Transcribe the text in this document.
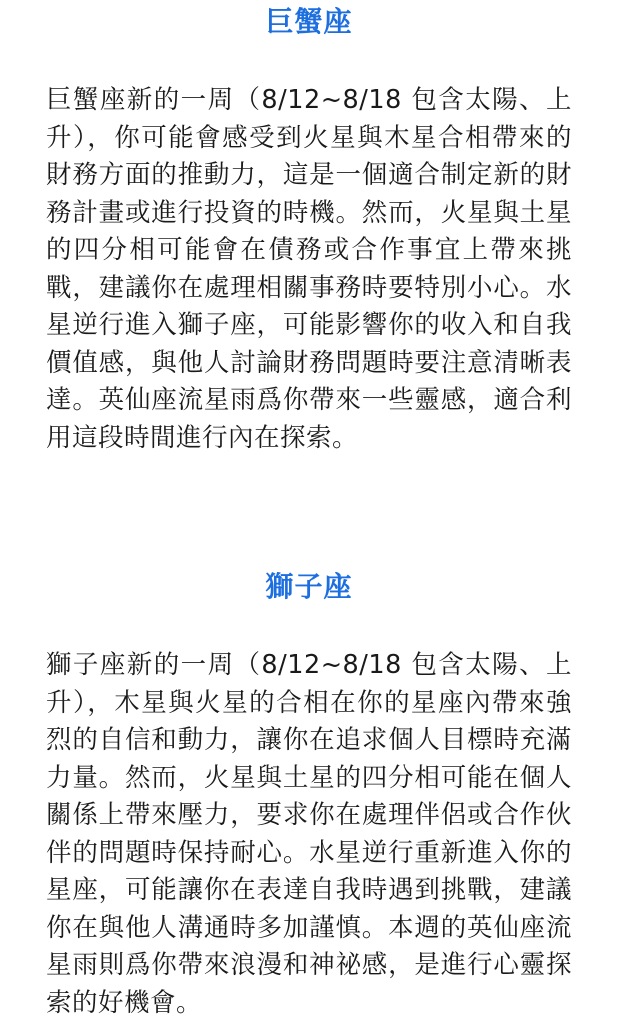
巨蟹座

巨蟹座新的一周（8/12~8/18 包含太陽、上升），你可能會感受到火星與木星合相帶來的財務方面的推動力，這是一個適合制定新的財務計畫或進行投資的時機。然而，火星與土星的四分相可能會在債務或合作事宜上帶來挑戰，建議你在處理相關事務時要特別小心。水星逆行進入獅子座，可能影響你的收入和自我價值感，與他人討論財務問題時要注意清晰表達。英仙座流星雨爲你帶來一些靈感，適合利用這段時間進行內在探索。

獅子座

獅子座新的一周（8/12~8/18 包含太陽、上升），木星與火星的合相在你的星座內帶來強烈的自信和動力，讓你在追求個人目標時充滿力量。然而，火星與土星的四分相可能在個人關係上帶來壓力，要求你在處理伴侶或合作伙伴的問題時保持耐心。水星逆行重新進入你的星座，可能讓你在表達自我時遇到挑戰，建議你在與他人溝通時多加謹慎。本週的英仙座流星雨則爲你帶來浪漫和神祕感，是進行心靈探索的好機會。
